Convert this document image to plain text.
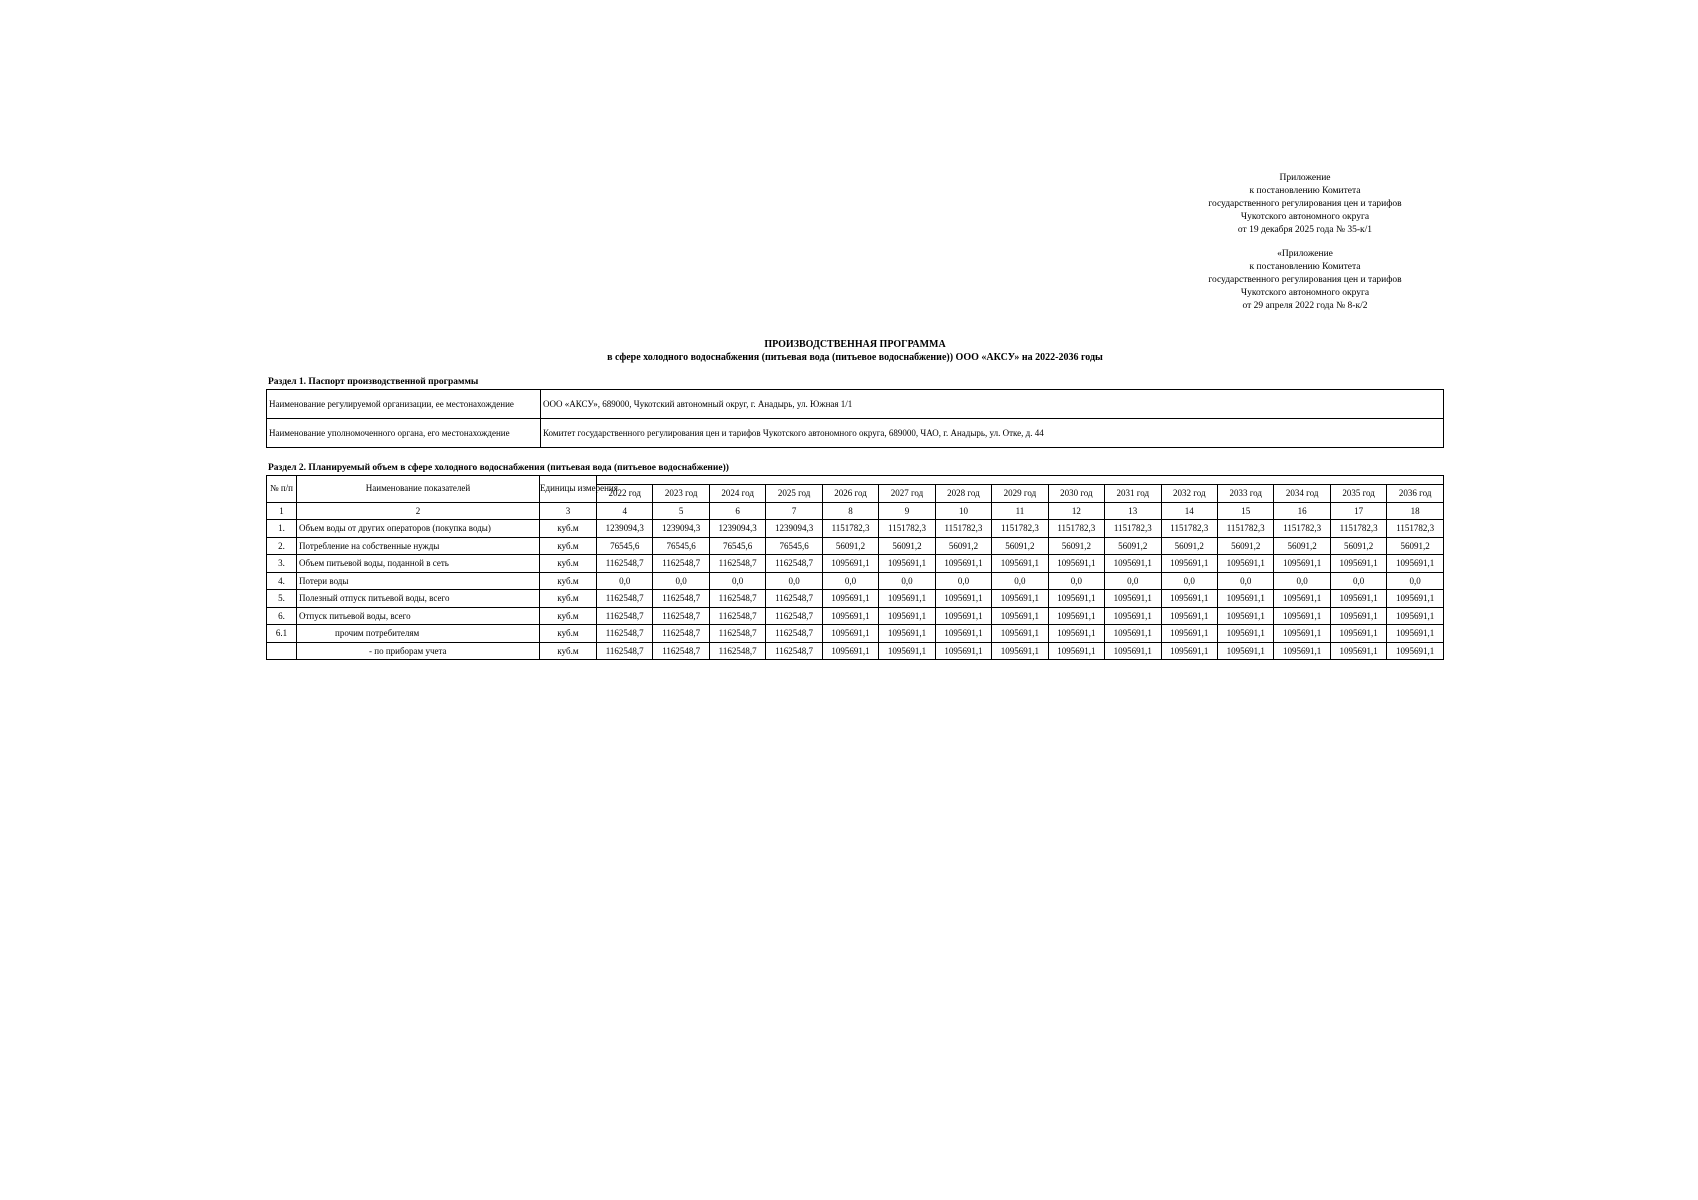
Приложение
к постановлению Комитета
государственного регулирования цен и тарифов
Чукотского автономного округа
от 19 декабря 2025 года № 35-к/1
«Приложение
к постановлению Комитета
государственного регулирования цен и тарифов
Чукотского автономного округа
от 29 апреля 2022 года № 8-к/2
ПРОИЗВОДСТВЕННАЯ ПРОГРАММА
в сфере холодного водоснабжения (питьевая вода (питьевое водоснабжение)) ООО «АКСУ» на 2022-2036 годы
Раздел 1. Паспорт производственной программы
Наименование регулируемой организации, ее местонахождение	ООО «АКСУ», 689000, Чукотский автономный округ, г. Анадырь, ул. Южная 1/1
Наименование уполномоченного органа, его местонахождение	Комитет государственного регулирования цен и тарифов Чукотского автономного округа, 689000, ЧАО, г. Анадырь, ул. Отке, д. 44
Раздел 2. Планируемый объем в сфере холодного водоснабжения (питьевая вода (питьевое водоснабжение))
№ п/п	Наименование показателей	Единицы измерения															
			2022 год	2023 год	2024 год	2025 год	2026 год	2027 год	2028 год	2029 год	2030 год	2031 год	2032 год	2033 год	2034 год	2035 год	2036 год
1	2	3	4	5	6	7	8	9	10	11	12	13	14	15	16	17	18
1.	Объем воды от других операторов (покупка воды)	куб.м	1239094,3	1239094,3	1239094,3	1239094,3	1151782,3	1151782,3	1151782,3	1151782,3	1151782,3	1151782,3	1151782,3	1151782,3	1151782,3	1151782,3	1151782,3
2.	Потребление на собственные нужды	куб.м	76545,6	76545,6	76545,6	76545,6	56091,2	56091,2	56091,2	56091,2	56091,2	56091,2	56091,2	56091,2	56091,2	56091,2	56091,2
3.	Объем питьевой воды, поданной в сеть	куб.м	1162548,7	1162548,7	1162548,7	1162548,7	1095691,1	1095691,1	1095691,1	1095691,1	1095691,1	1095691,1	1095691,1	1095691,1	1095691,1	1095691,1	1095691,1
4.	Потери воды	куб.м	0,0	0,0	0,0	0,0	0,0	0,0	0,0	0,0	0,0	0,0	0,0	0,0	0,0	0,0	0,0
5.	Полезный отпуск питьевой воды, всего	куб.м	1162548,7	1162548,7	1162548,7	1162548,7	1095691,1	1095691,1	1095691,1	1095691,1	1095691,1	1095691,1	1095691,1	1095691,1	1095691,1	1095691,1	1095691,1
6.	Отпуск питьевой воды, всего	куб.м	1162548,7	1162548,7	1162548,7	1162548,7	1095691,1	1095691,1	1095691,1	1095691,1	1095691,1	1095691,1	1095691,1	1095691,1	1095691,1	1095691,1	1095691,1
6.1	прочим потребителям	куб.м	1162548,7	1162548,7	1162548,7	1162548,7	1095691,1	1095691,1	1095691,1	1095691,1	1095691,1	1095691,1	1095691,1	1095691,1	1095691,1	1095691,1	1095691,1
	- по приборам учета	куб.м	1162548,7	1162548,7	1162548,7	1162548,7	1095691,1	1095691,1	1095691,1	1095691,1	1095691,1	1095691,1	1095691,1	1095691,1	1095691,1	1095691,1	1095691,1
